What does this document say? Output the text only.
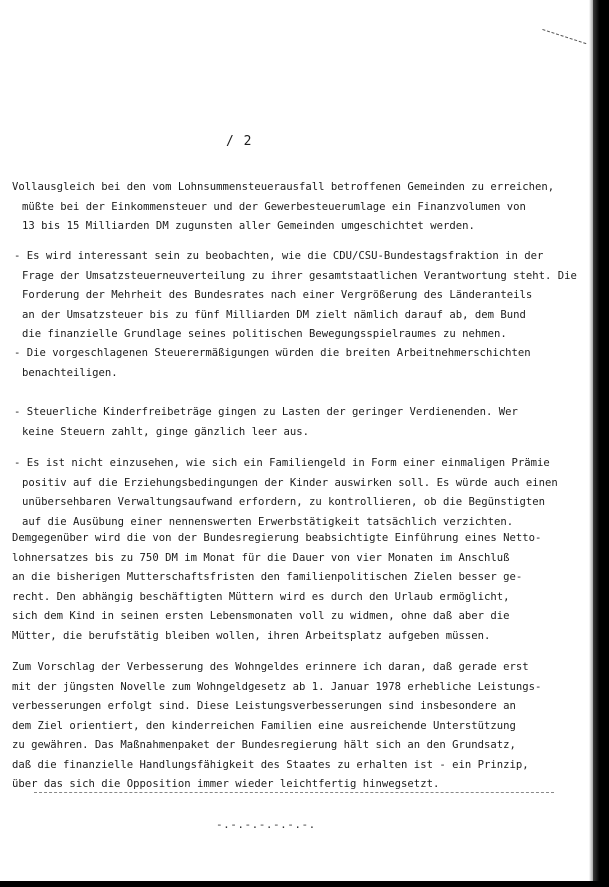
/ 2
Vollausgleich bei den vom Lohnsummensteuerausfall betroffenen Gemeinden zu erreichen,
müßte bei der Einkommensteuer und der Gewerbesteuerumlage ein Finanzvolumen von
13 bis 15 Milliarden DM zugunsten aller Gemeinden umgeschichtet werden.
- Es wird interessant sein zu beobachten, wie die CDU/CSU-Bundestagsfraktion in der
Frage der Umsatzsteuerneuverteilung zu ihrer gesamtstaatlichen Verantwortung steht. Die
Forderung der Mehrheit des Bundesrates nach einer Vergrößerung des Länderanteils
an der Umsatzsteuer bis zu fünf Milliarden DM zielt nämlich darauf ab, dem Bund
die finanzielle Grundlage seines politischen Bewegungsspielraumes zu nehmen.
- Die vorgeschlagenen Steuerermäßigungen würden die breiten Arbeitnehmerschichten
benachteiligen.
- Steuerliche Kinderfreibeträge gingen zu Lasten der geringer Verdienenden. Wer
keine Steuern zahlt, ginge gänzlich leer aus.
- Es ist nicht einzusehen, wie sich ein Familiengeld in Form einer einmaligen Prämie
positiv auf die Erziehungsbedingungen der Kinder auswirken soll. Es würde auch einen
unübersehbaren Verwaltungsaufwand erfordern, zu kontrollieren, ob die Begünstigten
auf die Ausübung einer nennenswerten Erwerbstätigkeit tatsächlich verzichten.
Demgegenüber wird die von der Bundesregierung beabsichtigte Einführung eines Netto-
lohnersatzes bis zu 750 DM im Monat für die Dauer von vier Monaten im Anschluß
an die bisherigen Mutterschaftsfristen den familienpolitischen Zielen besser ge-
recht. Den abhängig beschäftigten Müttern wird es durch den Urlaub ermöglicht,
sich dem Kind in seinen ersten Lebensmonaten voll zu widmen, ohne daß aber die
Mütter, die berufstätig bleiben wollen, ihren Arbeitsplatz aufgeben müssen.
Zum Vorschlag der Verbesserung des Wohngeldes erinnere ich daran, daß gerade erst
mit der jüngsten Novelle zum Wohngeldgesetz ab 1. Januar 1978 erhebliche Leistungs-
verbesserungen erfolgt sind. Diese Leistungsverbesserungen sind insbesondere an
dem Ziel orientiert, den kinderreichen Familien eine ausreichende Unterstützung
zu gewähren. Das Maßnahmenpaket der Bundesregierung hält sich an den Grundsatz,
daß die finanzielle Handlungsfähigkeit des Staates zu erhalten ist - ein Prinzip,
über das sich die Opposition immer wieder leichtfertig hinwegsetzt.
-.-.-.-.-.-.-.
